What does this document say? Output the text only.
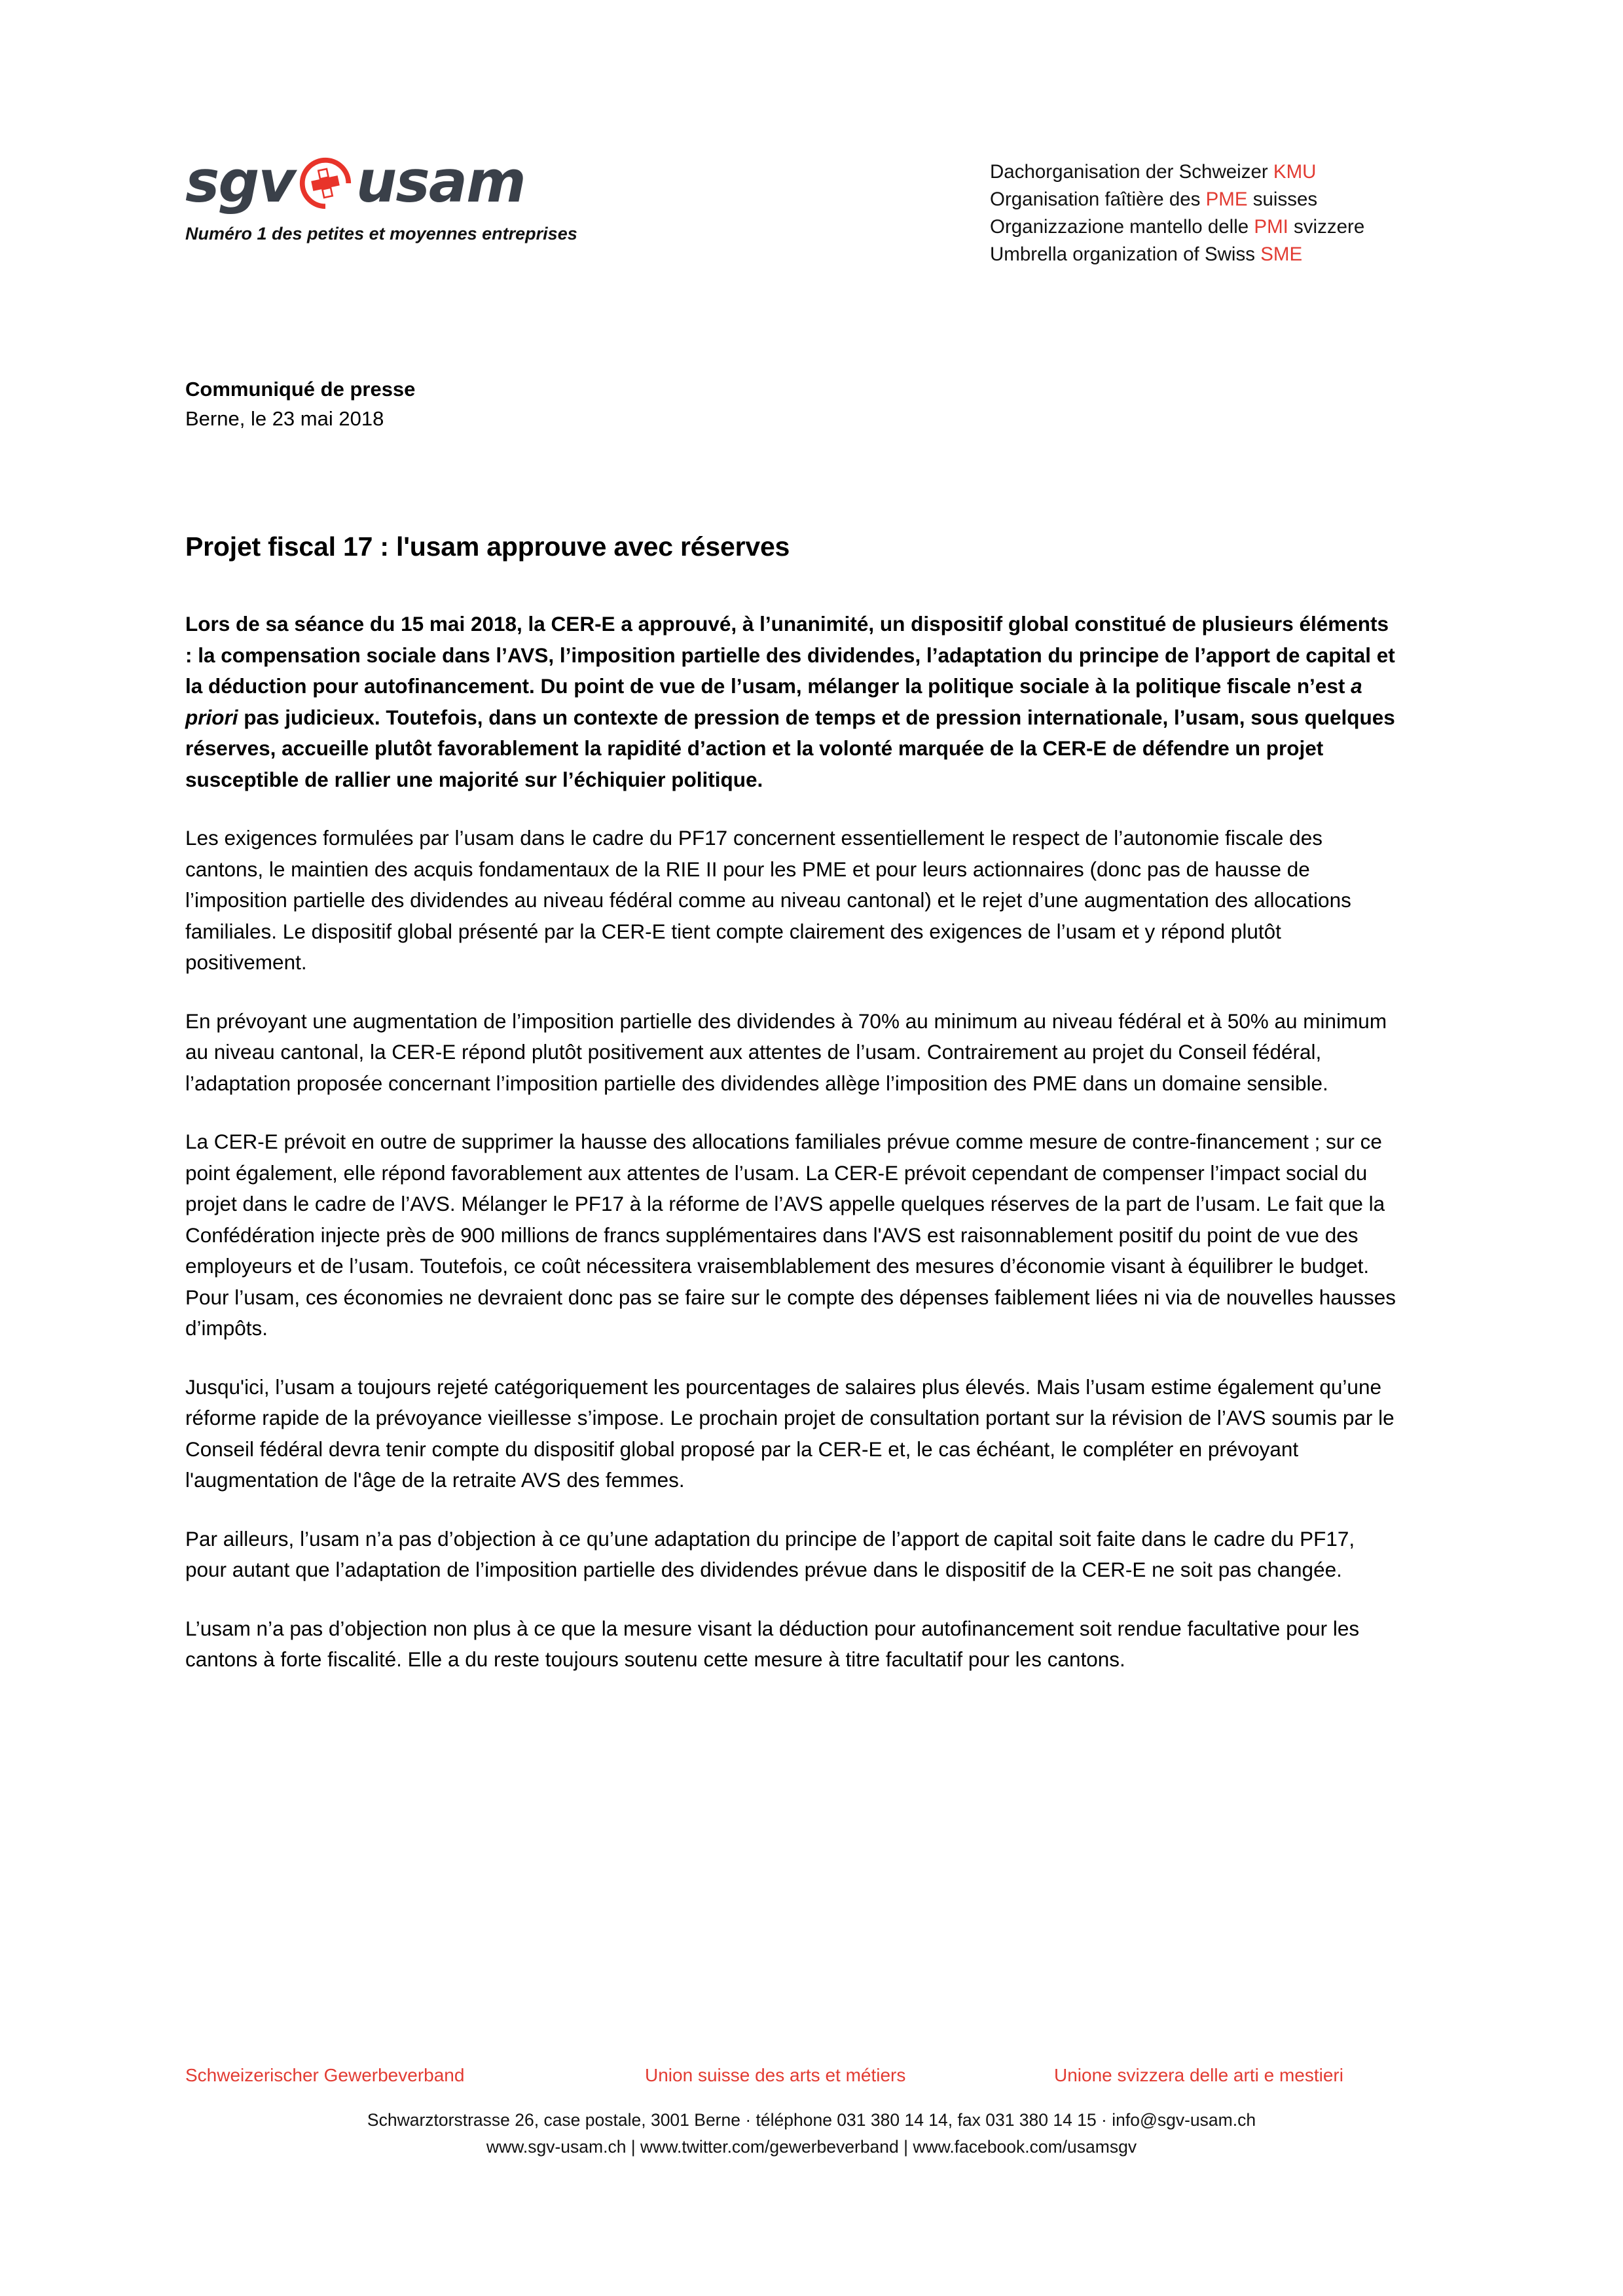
sgv usam
Numéro 1 des petites et moyennes entreprises
Dachorganisation der Schweizer KMU
Organisation faîtière des PME suisses
Organizzazione mantello delle PMI svizzere
Umbrella organization of Swiss SME
Communiqué de presse
Berne, le 23 mai 2018
Projet fiscal 17 : l'usam approuve avec réserves

Lors de sa séance du 15 mai 2018, la CER-E a approuvé, à l’unanimité, un dispositif global constitué de plusieurs éléments : la compensation sociale dans l’AVS, l’imposition partielle des dividendes, l’adaptation du principe de l’apport de capital et la déduction pour autofinancement. Du point de vue de l’usam, mélanger la politique sociale à la politique fiscale n’est a priori pas judicieux. Toutefois, dans un contexte de pression de temps et de pression internationale, l’usam, sous quelques réserves, accueille plutôt favorablement la rapidité d’action et la volonté marquée de la CER-E de défendre un projet susceptible de rallier une majorité sur l’échiquier politique.

Les exigences formulées par l’usam dans le cadre du PF17 concernent essentiellement le respect de l’autonomie fiscale des cantons, le maintien des acquis fondamentaux de la RIE II pour les PME et pour leurs actionnaires (donc pas de hausse de l’imposition partielle des dividendes au niveau fédéral comme au niveau cantonal) et le rejet d’une augmentation des allocations familiales. Le dispositif global présenté par la CER-E tient compte clairement des exigences de l’usam et y répond plutôt positivement.

En prévoyant une augmentation de l’imposition partielle des dividendes à 70% au minimum au niveau fédéral et à 50% au minimum au niveau cantonal, la CER-E répond plutôt positivement aux attentes de l’usam. Contrairement au projet du Conseil fédéral, l’adaptation proposée concernant l’imposition partielle des dividendes allège l’imposition des PME dans un domaine sensible.

La CER-E prévoit en outre de supprimer la hausse des allocations familiales prévue comme mesure de contre-financement ; sur ce point également, elle répond favorablement aux attentes de l’usam. La CER-E prévoit cependant de compenser l’impact social du projet dans le cadre de l’AVS. Mélanger le PF17 à la réforme de l’AVS appelle quelques réserves de la part de l’usam. Le fait que la Confédération injecte près de 900 millions de francs supplémentaires dans l'AVS est raisonnablement positif du point de vue des employeurs et de l’usam. Toutefois, ce coût nécessitera vraisemblablement des mesures d’économie visant à équilibrer le budget. Pour l’usam, ces économies ne devraient donc pas se faire sur le compte des dépenses faiblement liées ni via de nouvelles hausses d’impôts.

Jusqu'ici, l’usam a toujours rejeté catégoriquement les pourcentages de salaires plus élevés. Mais l’usam estime également qu’une réforme rapide de la prévoyance vieillesse s’impose. Le prochain projet de consultation portant sur la révision de l’AVS soumis par le Conseil fédéral devra tenir compte du dispositif global proposé par la CER-E et, le cas échéant, le compléter en prévoyant l'augmentation de l'âge de la retraite AVS des femmes.

Par ailleurs, l’usam n’a pas d’objection à ce qu’une adaptation du principe de l’apport de capital soit faite dans le cadre du PF17, pour autant que l’adaptation de l’imposition partielle des dividendes prévue dans le dispositif de la CER-E ne soit pas changée.

L’usam n’a pas d’objection non plus à ce que la mesure visant la déduction pour autofinancement soit rendue facultative pour les cantons à forte fiscalité. Elle a du reste toujours soutenu cette mesure à titre facultatif pour les cantons.

Schweizerischer Gewerbeverband	Union suisse des arts et métiers	Unione svizzera delle arti e mestieri
Schwarztorstrasse 26, case postale, 3001 Berne · téléphone 031 380 14 14, fax 031 380 14 15 · info@sgv-usam.ch
www.sgv-usam.ch | www.twitter.com/gewerbeverband | www.facebook.com/usamsgv
